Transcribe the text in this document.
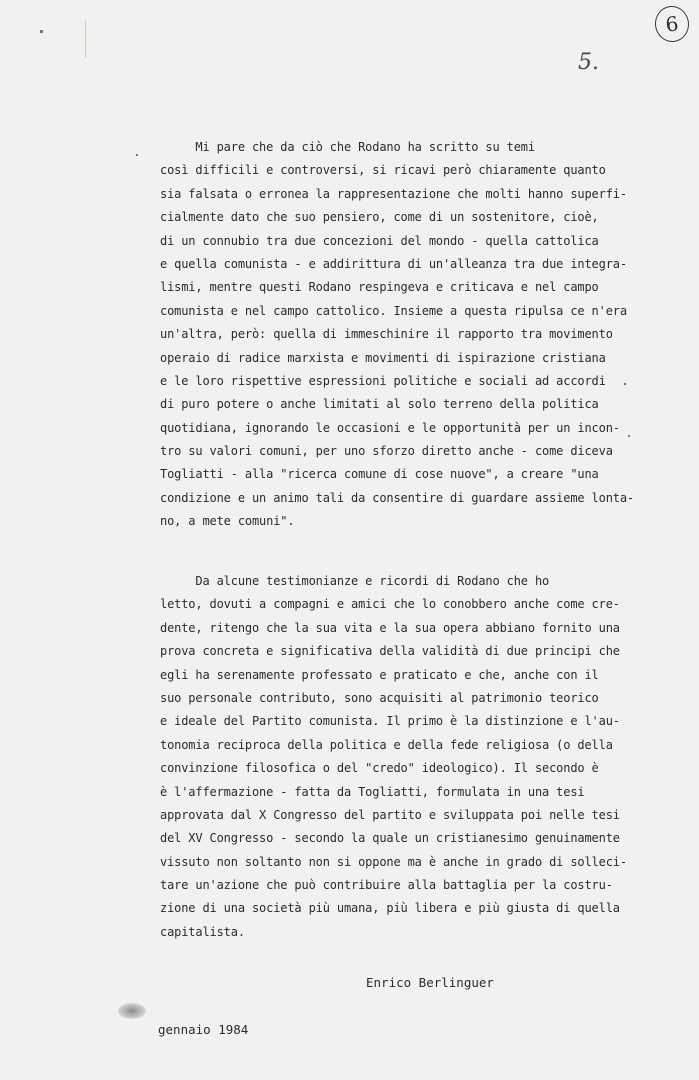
6
5.
Mi pare che da ciò che Rodano ha scritto su temi
così difficili e controversi, si ricavi però chiaramente quanto
sia falsata o erronea la rappresentazione che molti hanno superfi-
cialmente dato che suo pensiero, come di un sostenitore, cioè,
di un connubio tra due concezioni del mondo - quella cattolica
e quella comunista - e addirittura di un'alleanza tra due integra-
lismi, mentre questi Rodano respingeva e criticava e nel campo
comunista e nel campo cattolico. Insieme a questa ripulsa ce n'era
un'altra, però: quella di immeschinire il rapporto tra movimento
operaio di radice marxista e movimenti di ispirazione cristiana
e le loro rispettive espressioni politiche e sociali ad accordi
di puro potere o anche limitati al solo terreno della politica
quotidiana, ignorando le occasioni e le opportunità per un incon-
tro su valori comuni, per uno sforzo diretto anche - come diceva
Togliatti - alla "ricerca comune di cose nuove", a creare "una
condizione e un animo tali da consentire di guardare assieme lonta-
no, a mete comuni".
Da alcune testimonianze e ricordi di Rodano che ho
letto, dovuti a compagni e amici che lo conobbero anche come cre-
dente, ritengo che la sua vita e la sua opera abbiano fornito una
prova concreta e significativa della validità di due principi che
egli ha serenamente professato e praticato e che, anche con il
suo personale contributo, sono acquisiti al patrimonio teorico
e ideale del Partito comunista. Il primo è la distinzione e l'au-
tonomia reciproca della politica e della fede religiosa (o della
convinzione filosofica o del "credo" ideologico). Il secondo è
è l'affermazione - fatta da Togliatti, formulata in una tesi
approvata dal X Congresso del partito e sviluppata poi nelle tesi
del XV Congresso - secondo la quale un cristianesimo genuinamente
vissuto non soltanto non si oppone ma è anche in grado di solleci-
tare un'azione che può contribuire alla battaglia per la costru-
zione di una società più umana, più libera e più giusta di quella
capitalista.
Enrico Berlinguer
gennaio 1984
